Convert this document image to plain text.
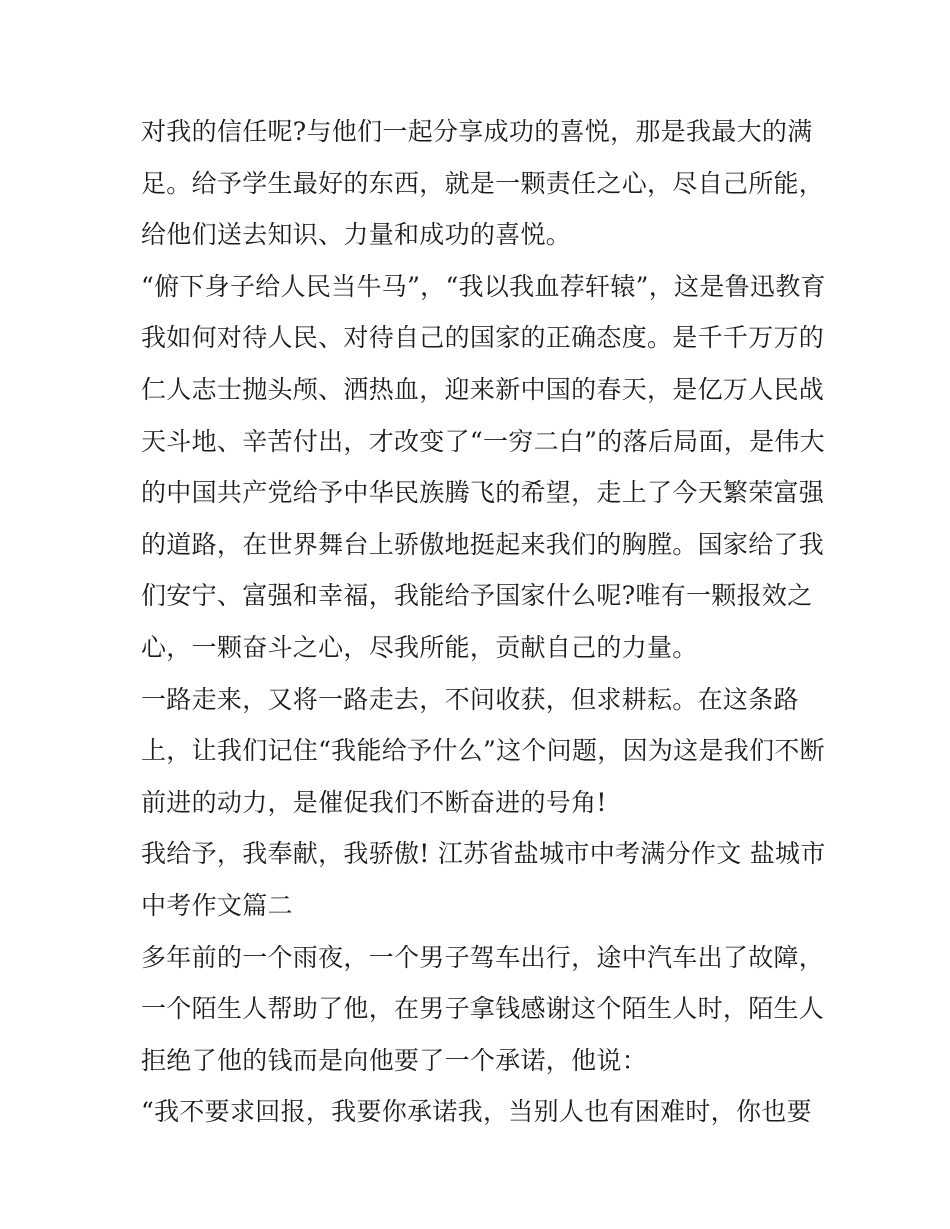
对我的信任呢?与他们一起分享成功的喜悦，那是我最大的满
足。给予学生最好的东西，就是一颗责任之心，尽自己所能，
给他们送去知识、力量和成功的喜悦。
“俯下身子给人民当牛马”，“我以我血荐轩辕”，这是鲁迅教育
我如何对待人民、对待自己的国家的正确态度。是千千万万的
仁人志士抛头颅、洒热血，迎来新中国的春天，是亿万人民战
天斗地、辛苦付出，才改变了“一穷二白”的落后局面，是伟大
的中国共产党给予中华民族腾飞的希望，走上了今天繁荣富强
的道路，在世界舞台上骄傲地挺起来我们的胸膛。国家给了我
们安宁、富强和幸福，我能给予国家什么呢?唯有一颗报效之
心，一颗奋斗之心，尽我所能，贡献自己的力量。
一路走来，又将一路走去，不问收获，但求耕耘。在这条路
上，让我们记住“我能给予什么”这个问题，因为这是我们不断
前进的动力，是催促我们不断奋进的号角!
我给予，我奉献，我骄傲! 江苏省盐城市中考满分作文 盐城市
中考作文篇二
多年前的一个雨夜，一个男子驾车出行，途中汽车出了故障，
一个陌生人帮助了他，在男子拿钱感谢这个陌生人时，陌生人
拒绝了他的钱而是向他要了一个承诺，他说：
“我不要求回报，我要你承诺我，当别人也有困难时，你也要
